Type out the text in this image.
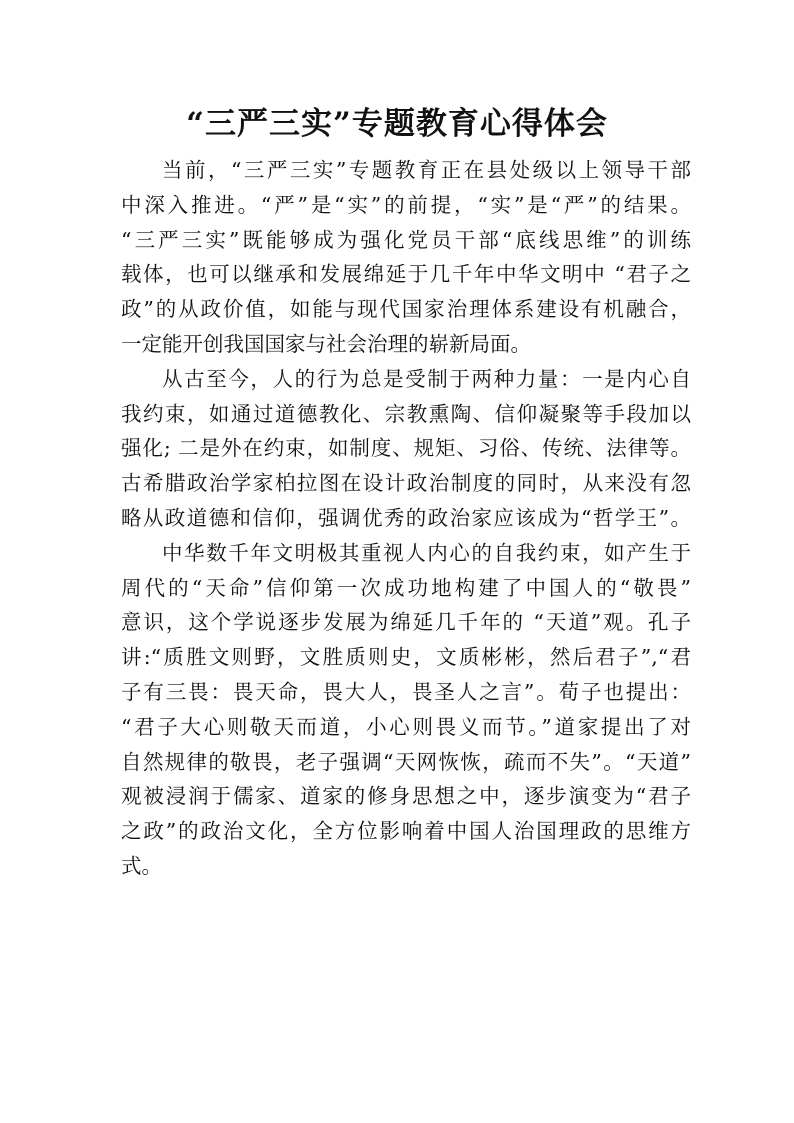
“三严三实”专题教育心得体会

当前，“三严三实”专题教育正在县处级以上领导干部
中深入推进。“严”是“实”的前提，“实”是“严”的结果。
“三严三实”既能够成为强化党员干部“底线思维”的训练
载体，也可以继承和发展绵延于几千年中华文明中 “君子之
政”的从政价值，如能与现代国家治理体系建设有机融合，
一定能开创我国国家与社会治理的崭新局面。

从古至今，人的行为总是受制于两种力量：一是内心自
我约束，如通过道德教化、宗教熏陶、信仰凝聚等手段加以
强化; 二是外在约束，如制度、规矩、习俗、传统、法律等。
古希腊政治学家柏拉图在设计政治制度的同时，从来没有忽
略从政道德和信仰，强调优秀的政治家应该成为“哲学王”。

中华数千年文明极其重视人内心的自我约束，如产生于
周代的“天命”信仰第一次成功地构建了中国人的“敬畏”
意识，这个学说逐步发展为绵延几千年的 “天道”观。孔子
讲:“质胜文则野，文胜质则史，文质彬彬，然后君子”,“君
子有三畏：畏天命，畏大人，畏圣人之言”。荀子也提出：
“君子大心则敬天而道，小心则畏义而节。”道家提出了对
自然规律的敬畏，老子强调“天网恢恢，疏而不失”。“天道”
观被浸润于儒家、道家的修身思想之中，逐步演变为“君子
之政”的政治文化，全方位影响着中国人治国理政的思维方
式。
